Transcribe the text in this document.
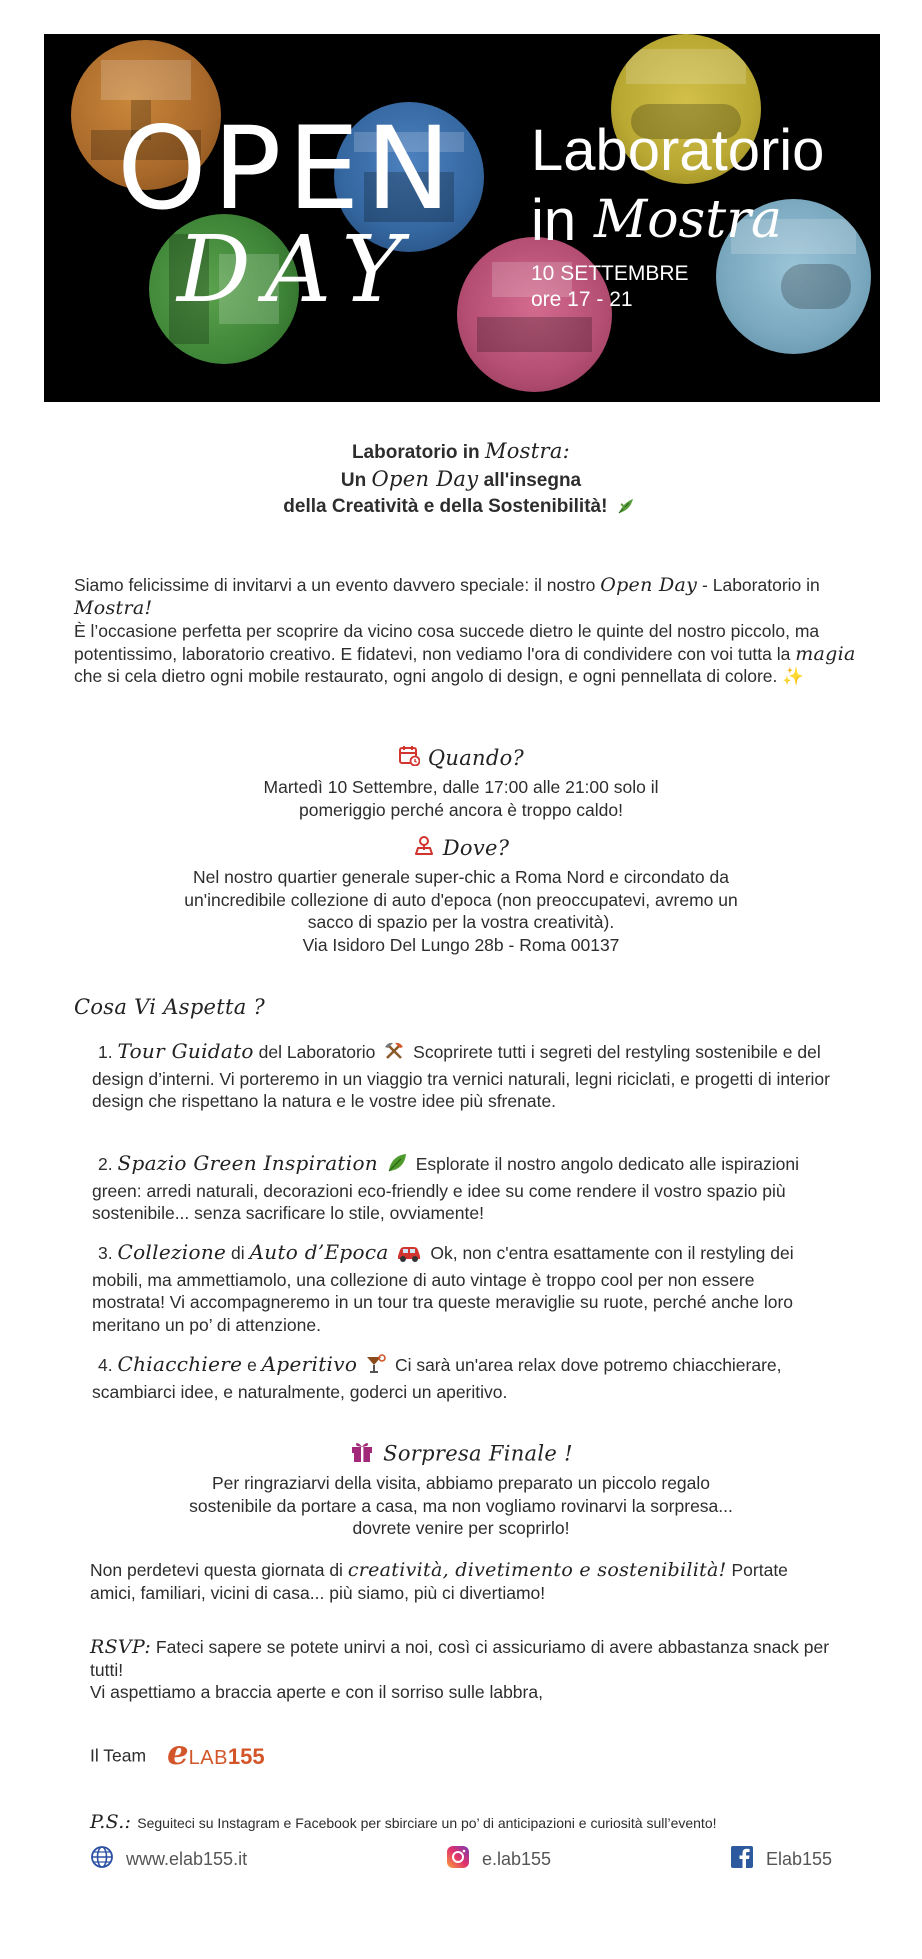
OPEN
DAY
Laboratorio
in Mostra
10 SETTEMBRE
ore 17 - 21
Laboratorio in Mostra:
Un Open Day all'insegna
della Creatività e della Sostenibilità!
Siamo felicissime di invitarvi a un evento davvero speciale: il nostro Open Day - Laboratorio in Mostra!
È l’occasione perfetta per scoprire da vicino cosa succede dietro le quinte del nostro piccolo, ma potentissimo, laboratorio creativo. E fidatevi, non vediamo l'ora di condividere con voi tutta la magia che si cela dietro ogni mobile restaurato, ogni angolo di design, e ogni pennellata di colore. ✨
Quando?
Martedì 10 Settembre, dalle 17:00 alle 21:00 solo il pomeriggio perché ancora è troppo caldo!
Dove?
Nel nostro quartier generale super-chic a Roma Nord e circondato da un'incredibile collezione di auto d'epoca (non preoccupatevi, avremo un sacco di spazio per la vostra creatività).
Via Isidoro Del Lungo 28b - Roma 00137
Cosa Vi Aspetta ?
1. Tour Guidato del Laboratorio Scoprirete tutti i segreti del restyling sostenibile e del design d’interni. Vi porteremo in un viaggio tra vernici naturali, legni riciclati, e progetti di interior design che rispettano la natura e le vostre idee più sfrenate.
2. Spazio Green Inspiration Esplorate il nostro angolo dedicato alle ispirazioni green: arredi naturali, decorazioni eco-friendly e idee su come rendere il vostro spazio più sostenibile... senza sacrificare lo stile, ovviamente!
3. Collezione di Auto d’Epoca Ok, non c'entra esattamente con il restyling dei mobili, ma ammettiamolo, una collezione di auto vintage è troppo cool per non essere mostrata! Vi accompagneremo in un tour tra queste meraviglie su ruote, perché anche loro meritano un po’ di attenzione.
4. Chiacchiere e Aperitivo Ci sarà un'area relax dove potremo chiacchierare, scambiarci idee, e naturalmente, goderci un aperitivo.
Sorpresa Finale !
Per ringraziarvi della visita, abbiamo preparato un piccolo regalo sostenibile da portare a casa, ma non vogliamo rovinarvi la sorpresa... dovrete venire per scoprirlo!
Non perdetevi questa giornata di creatività, divetimento e sostenibilità! Portate amici, familiari, vicini di casa... più siamo, più ci divertiamo!
RSVP: Fateci sapere se potete unirvi a noi, così ci assicuriamo di avere abbastanza snack per tutti!
Vi aspettiamo a braccia aperte e con il sorriso sulle labbra,
Il Team eLAB155
P.S.: Seguiteci su Instagram e Facebook per sbirciare un po’ di anticipazioni e curiosità sull’evento!
www.elab155.it	e.lab155	Elab155
